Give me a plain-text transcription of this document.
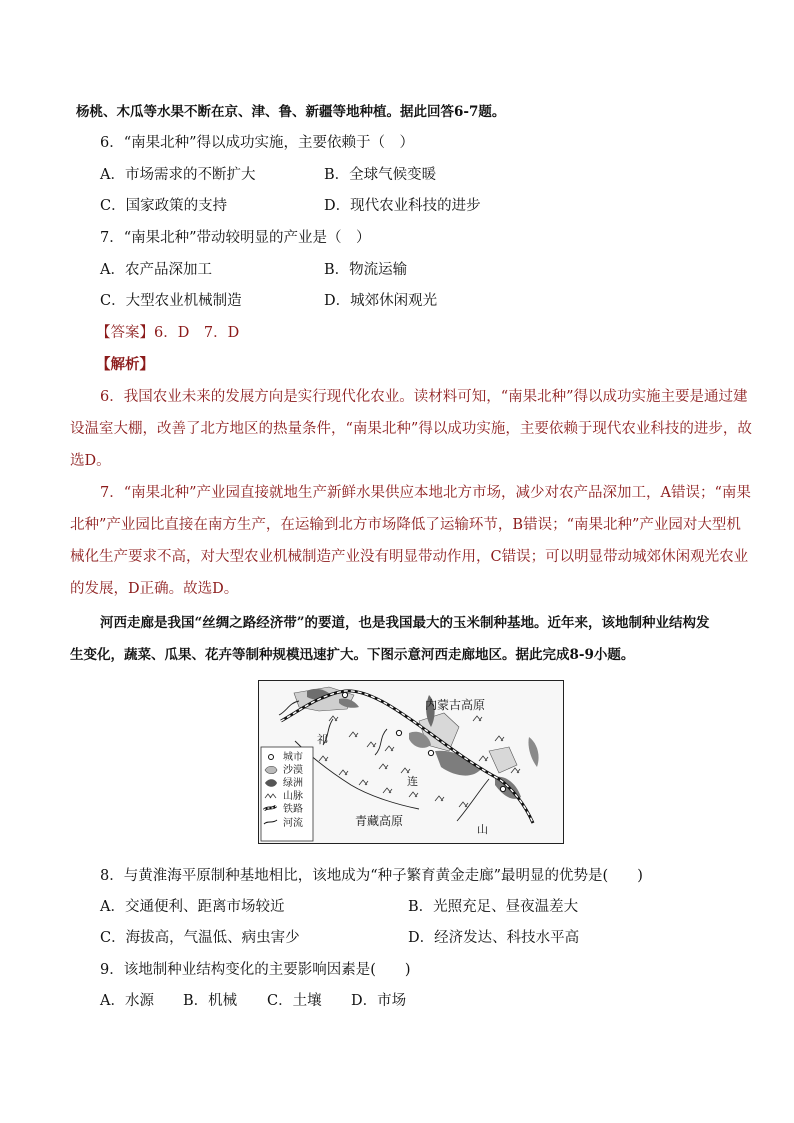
杨桃、木瓜等水果不断在京、津、鲁、新疆等地种植。据此回答6-7题。
6．“南果北种”得以成功实施，主要依赖于（　）
A．市场需求的不断扩大	B．全球气候变暖
C．国家政策的支持	D．现代农业科技的进步
7．“南果北种”带动较明显的产业是（　）
A．农产品深加工	B．物流运输
C．大型农业机械制造	D．城郊休闲观光
【答案】6．D　7．D
【解析】
6．我国农业未来的发展方向是实行现代化农业。读材料可知，“南果北种”得以成功实施主要是通过建
设温室大棚，改善了北方地区的热量条件，“南果北种”得以成功实施，主要依赖于现代农业科技的进步，故
选D。
7．“南果北种”产业园直接就地生产新鲜水果供应本地北方市场，减少对农产品深加工，A错误；“南果
北种”产业园比直接在南方生产，在运输到北方市场降低了运输环节，B错误；“南果北种”产业园对大型机
械化生产要求不高，对大型农业机械制造产业没有明显带动作用，C错误；可以明显带动城郊休闲观光农业
的发展，D正确。故选D。
河西走廊是我国“丝绸之路经济带”的要道，也是我国最大的玉米制种基地。近年来，该地制种业结构发
生变化，蔬菜、瓜果、花卉等制种规模迅速扩大。下图示意河西走廊地区。据此完成8-9小题。
内蒙古高原
青藏高原
祁
连
山
城市
沙漠
绿洲
山脉
铁路
河流
8．与黄淮海平原制种基地相比，该地成为“种子繁育黄金走廊”最明显的优势是(　　)
A．交通便利、距离市场较近	B．光照充足、昼夜温差大
C．海拔高，气温低、病虫害少	D．经济发达、科技水平高
9．该地制种业结构变化的主要影响因素是(　　)
A．水源 B．机械 C．土壤 D．市场
